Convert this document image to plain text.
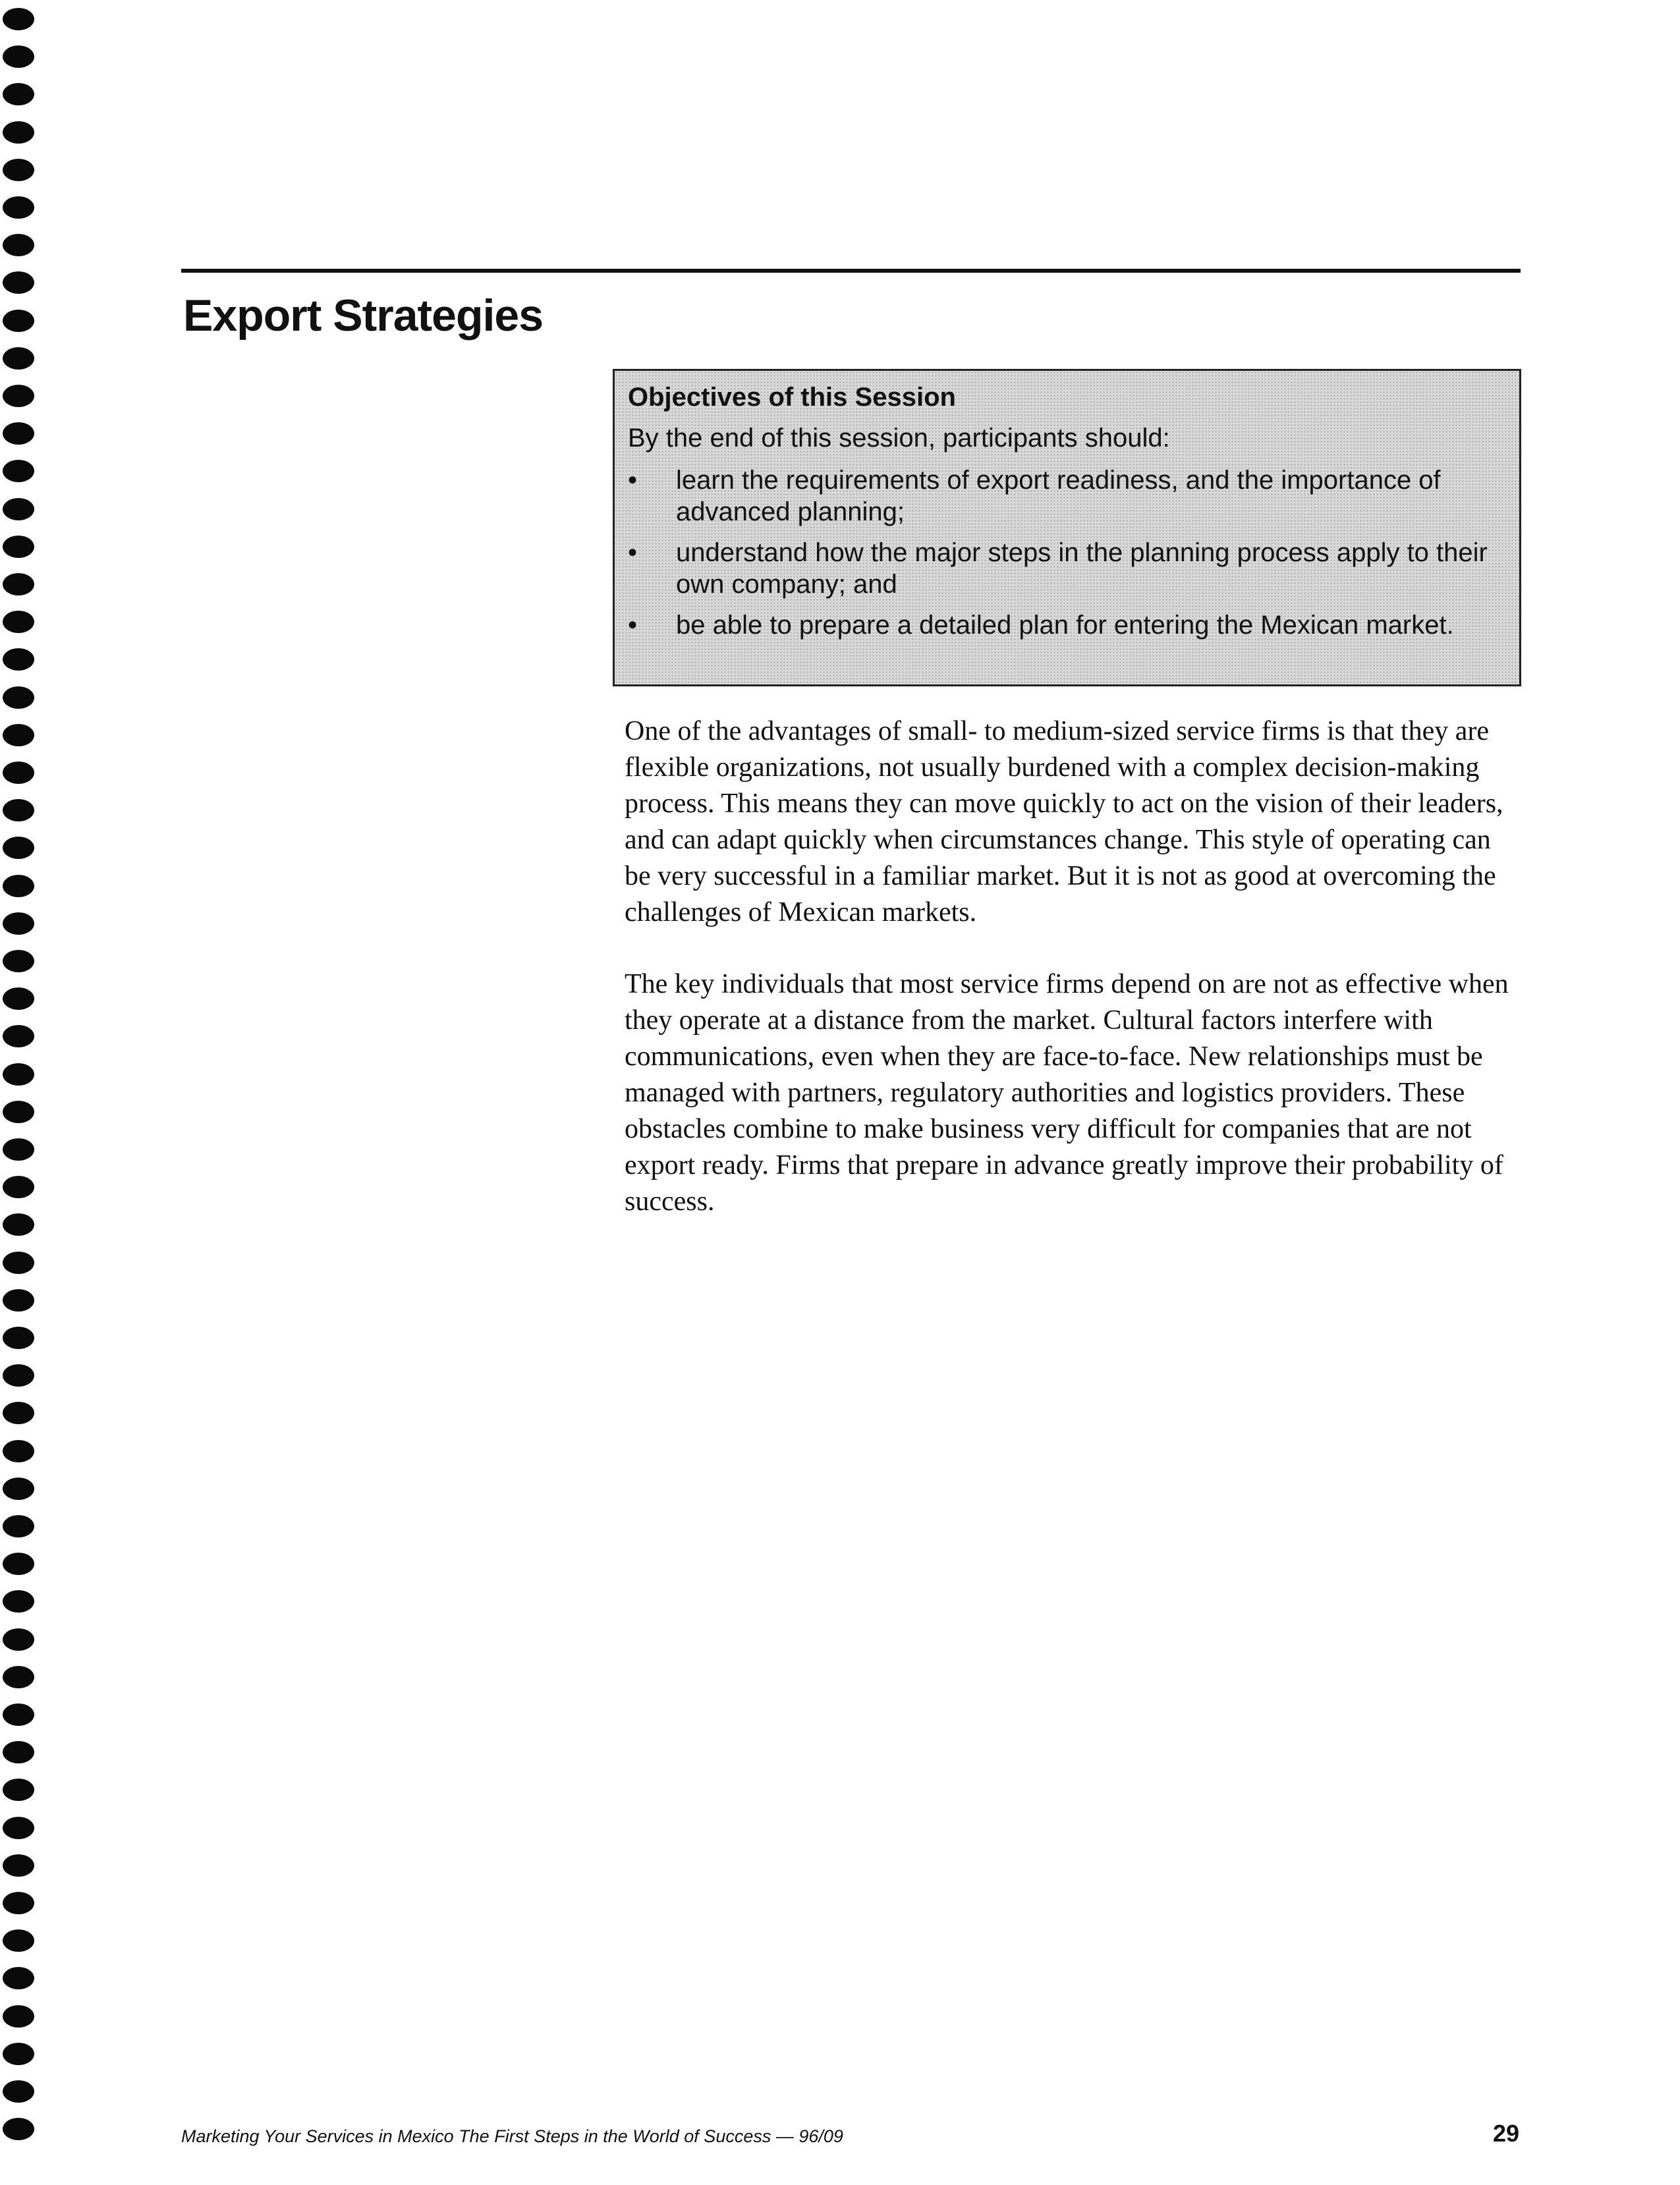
Export Strategies
Objectives of this Session
By the end of this session, participants should:
• learn the requirements of export readiness, and the importance of advanced planning;
• understand how the major steps in the planning process apply to their own company; and
• be able to prepare a detailed plan for entering the Mexican market.

One of the advantages of small- to medium-sized service firms is that they are flexible organizations, not usually burdened with a complex decision-making process. This means they can move quickly to act on the vision of their leaders, and can adapt quickly when circumstances change. This style of operating can be very successful in a familiar market. But it is not as good at overcoming the challenges of Mexican markets.

The key individuals that most service firms depend on are not as effective when they operate at a distance from the market. Cultural factors interfere with communications, even when they are face-to-face. New relationships must be managed with partners, regulatory authorities and logistics providers. These obstacles combine to make business very difficult for companies that are not export ready. Firms that prepare in advance greatly improve their probability of success.

Marketing Your Services in Mexico The First Steps in the World of Success — 96/09	29
